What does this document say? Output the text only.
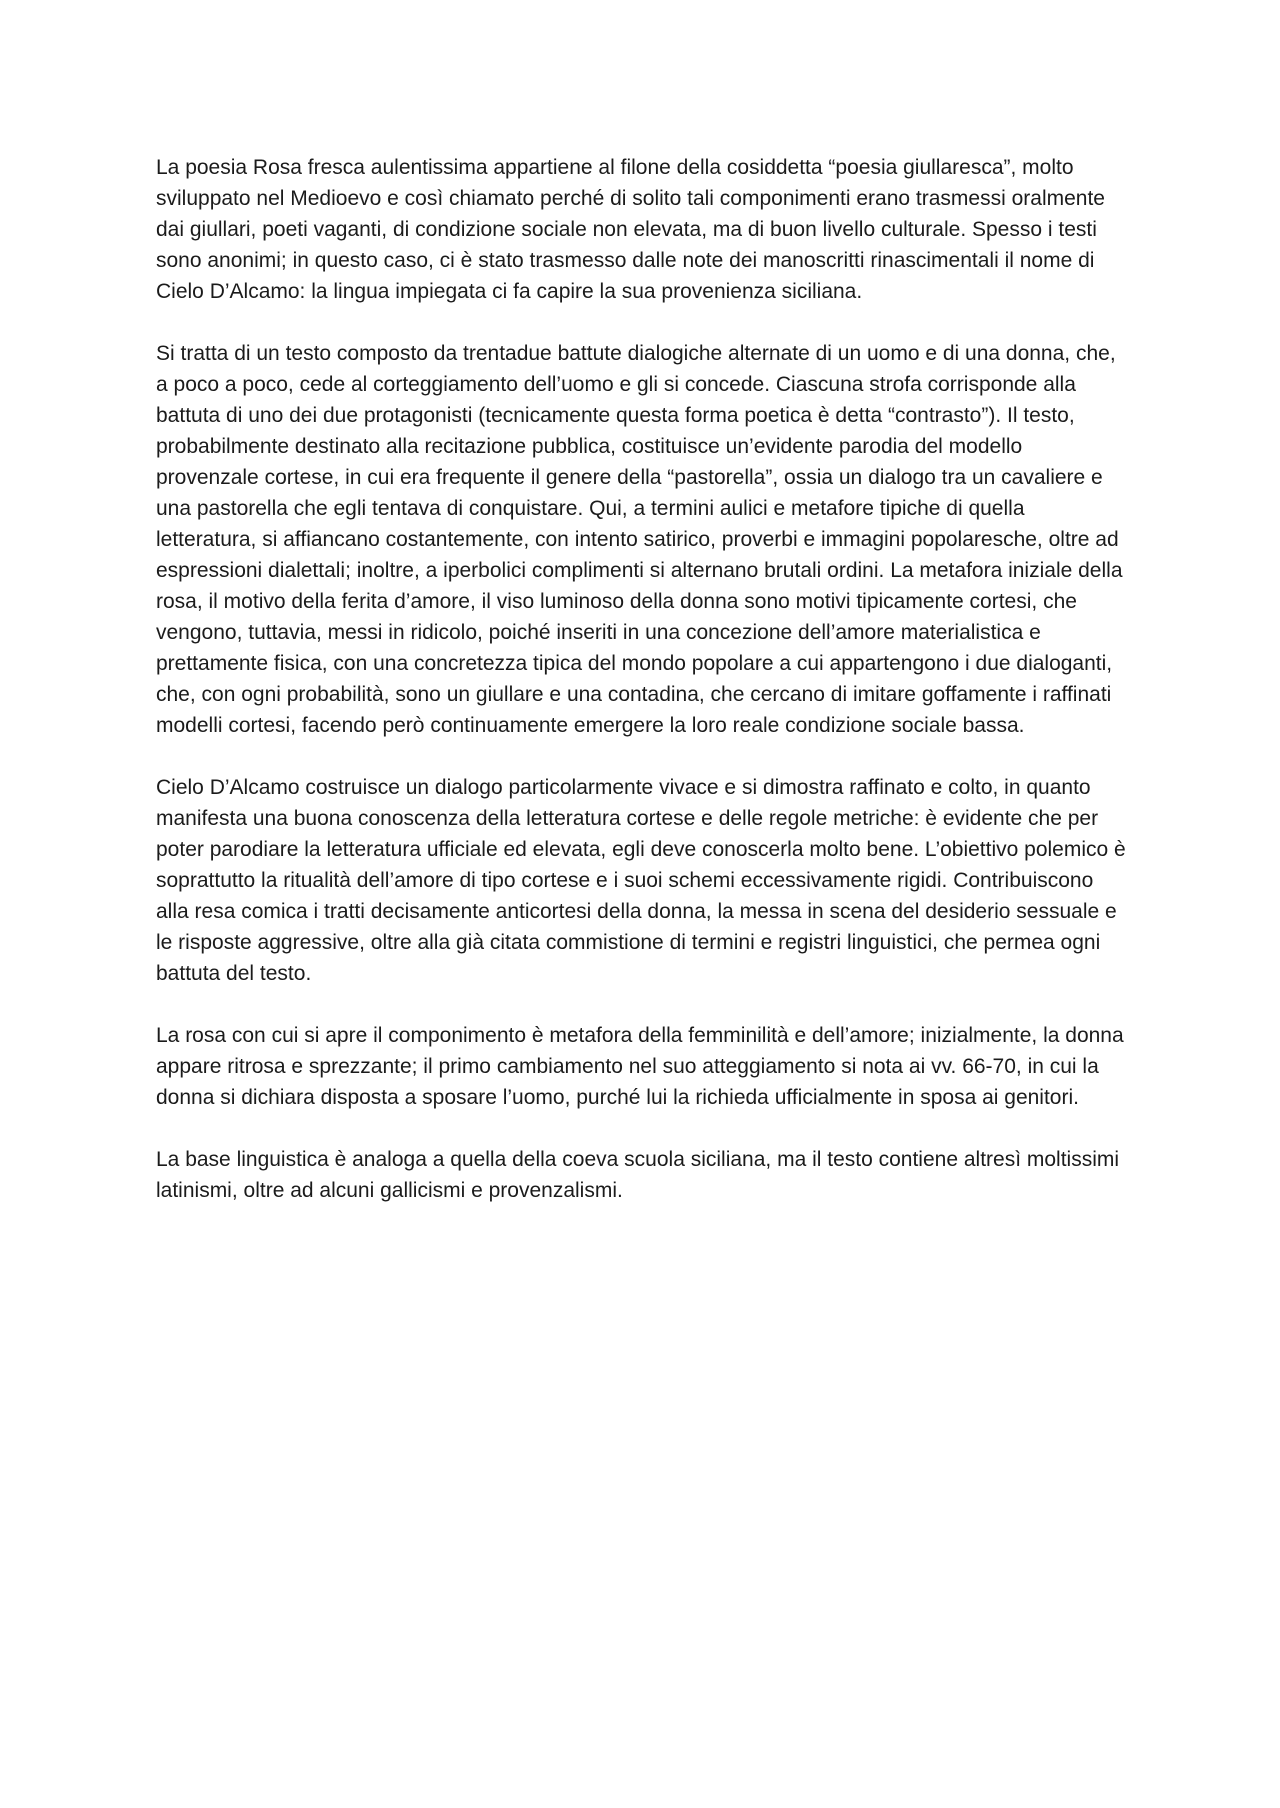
La poesia Rosa fresca aulentissima appartiene al filone della cosiddetta “poesia giullaresca”, molto sviluppato nel Medioevo e così chiamato perché di solito tali componimenti erano trasmessi oralmente dai giullari, poeti vaganti, di condizione sociale non elevata, ma di buon livello culturale. Spesso i testi sono anonimi; in questo caso, ci è stato trasmesso dalle note dei manoscritti rinascimentali il nome di Cielo D’Alcamo: la lingua impiegata ci fa capire la sua provenienza siciliana.

Si tratta di un testo composto da trentadue battute dialogiche alternate di un uomo e di una donna, che, a poco a poco, cede al corteggiamento dell’uomo e gli si concede. Ciascuna strofa corrisponde alla battuta di uno dei due protagonisti (tecnicamente questa forma poetica è detta “contrasto”). Il testo, probabilmente destinato alla recitazione pubblica, costituisce un’evidente parodia del modello provenzale cortese, in cui era frequente il genere della “pastorella”, ossia un dialogo tra un cavaliere e una pastorella che egli tentava di conquistare. Qui, a termini aulici e metafore tipiche di quella letteratura, si affiancano costantemente, con intento satirico, proverbi e immagini popolaresche, oltre ad espressioni dialettali; inoltre, a iperbolici complimenti si alternano brutali ordini. La metafora iniziale della rosa, il motivo della ferita d’amore, il viso luminoso della donna sono motivi tipicamente cortesi, che vengono, tuttavia, messi in ridicolo, poiché inseriti in una concezione dell’amore materialistica e prettamente fisica, con una concretezza tipica del mondo popolare a cui appartengono i due dialoganti, che, con ogni probabilità, sono un giullare e una contadina, che cercano di imitare goffamente i raffinati modelli cortesi, facendo però continuamente emergere la loro reale condizione sociale bassa.

Cielo D’Alcamo costruisce un dialogo particolarmente vivace e si dimostra raffinato e colto, in quanto manifesta una buona conoscenza della letteratura cortese e delle regole metriche: è evidente che per poter parodiare la letteratura ufficiale ed elevata, egli deve conoscerla molto bene. L’obiettivo polemico è soprattutto la ritualità dell’amore di tipo cortese e i suoi schemi eccessivamente rigidi. Contribuiscono alla resa comica i tratti decisamente anticortesi della donna, la messa in scena del desiderio sessuale e le risposte aggressive, oltre alla già citata commistione di termini e registri linguistici, che permea ogni battuta del testo.

La rosa con cui si apre il componimento è metafora della femminilità e dell’amore; inizialmente, la donna appare ritrosa e sprezzante; il primo cambiamento nel suo atteggiamento si nota ai vv. 66-70, in cui la donna si dichiara disposta a sposare l’uomo, purché lui la richieda ufficialmente in sposa ai genitori.

La base linguistica è analoga a quella della coeva scuola siciliana, ma il testo contiene altresì moltissimi latinismi, oltre ad alcuni gallicismi e provenzalismi.
